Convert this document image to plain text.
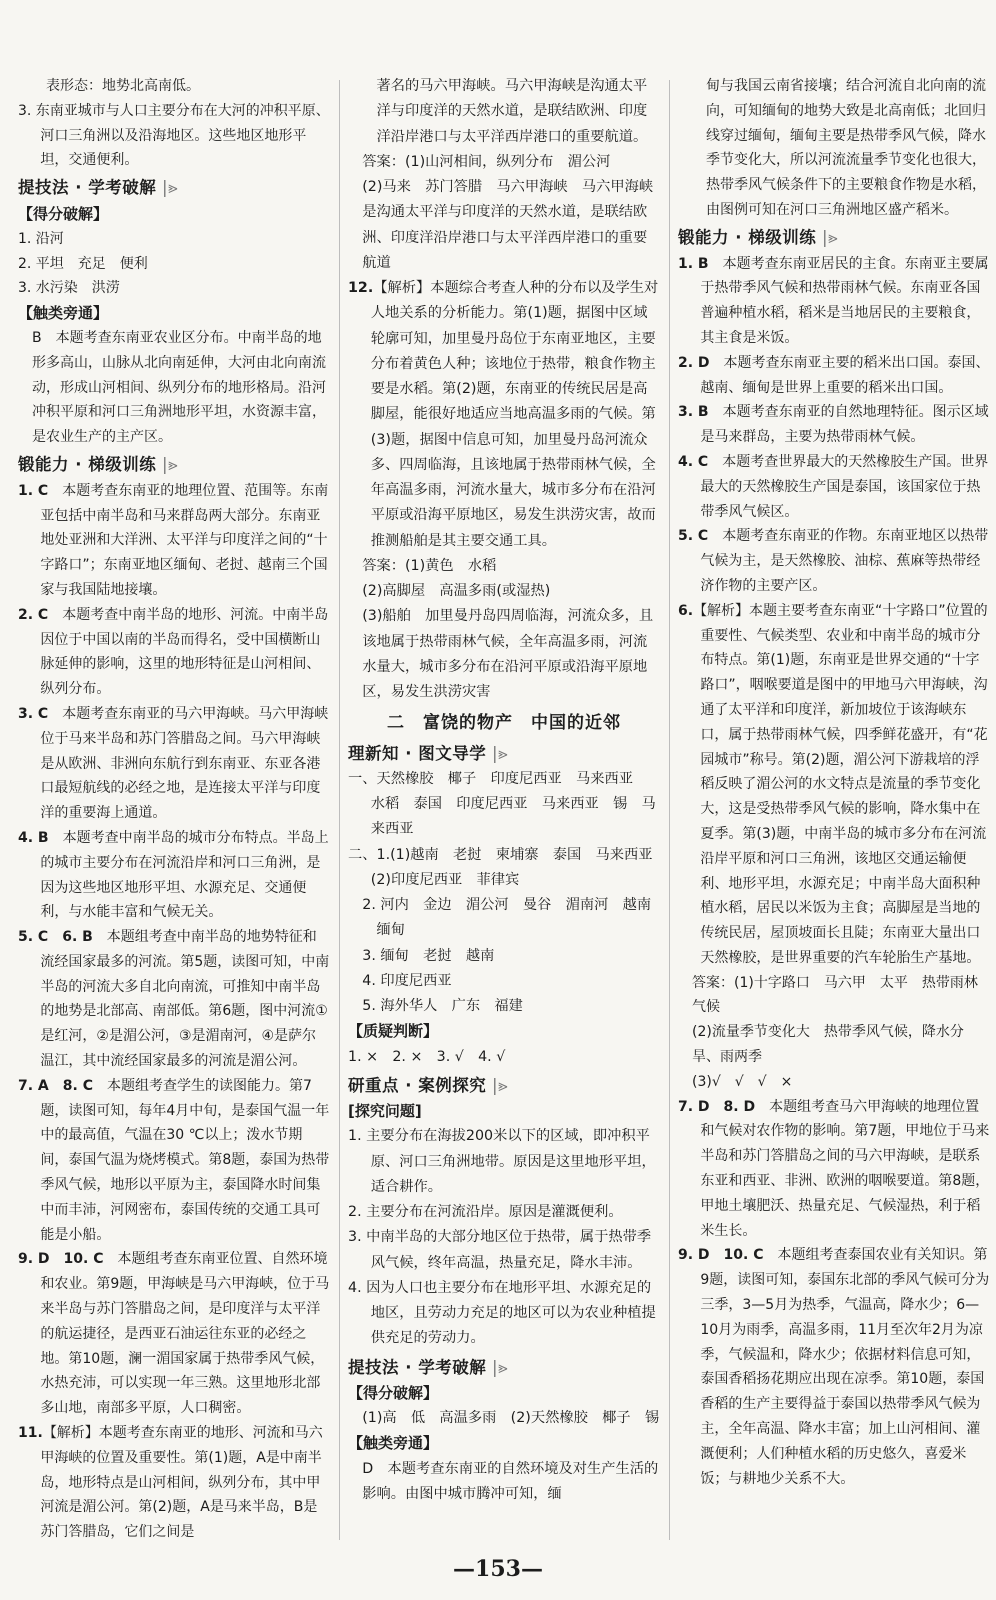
表形态：地势北高南低。

3. 东南亚城市与人口主要分布在大河的冲积平原、河口三角洲以及沿海地区。这些地区地形平坦，交通便利。

提技法 · 学考破解 |⪢

【得分破解】

1. 沿河

2. 平坦　充足　便利

3. 水污染　洪涝

【触类旁通】

B　本题考查东南亚农业区分布。中南半岛的地形多高山，山脉从北向南延伸，大河由北向南流动，形成山河相间、纵列分布的地形格局。沿河冲积平原和河口三角洲地形平坦，水资源丰富，是农业生产的主产区。

锻能力 · 梯级训练 |⪢

1. C　本题考查东南亚的地理位置、范围等。东南亚包括中南半岛和马来群岛两大部分。东南亚地处亚洲和大洋洲、太平洋与印度洋之间的“十字路口”；东南亚地区缅甸、老挝、越南三个国家与我国陆地接壤。

2. C　本题考查中南半岛的地形、河流。中南半岛因位于中国以南的半岛而得名，受中国横断山脉延伸的影响，这里的地形特征是山河相间、纵列分布。

3. C　本题考查东南亚的马六甲海峡。马六甲海峡位于马来半岛和苏门答腊岛之间。马六甲海峡是从欧洲、非洲向东航行到东南亚、东亚各港口最短航线的必经之地，是连接太平洋与印度洋的重要海上通道。

4. B　本题考查中南半岛的城市分布特点。半岛上的城市主要分布在河流沿岸和河口三角洲，是因为这些地区地形平坦、水源充足、交通便利，与水能丰富和气候无关。

5. C　6. B　本题组考查中南半岛的地势特征和流经国家最多的河流。第5题，读图可知，中南半岛的河流大多自北向南流，可推知中南半岛的地势是北部高、南部低。第6题，图中河流①是红河，②是湄公河，③是湄南河，④是萨尔温江，其中流经国家最多的河流是湄公河。

7. A　8. C　本题组考查学生的读图能力。第7题，读图可知，每年4月中旬，是泰国气温一年中的最高值，气温在30 ℃以上；泼水节期间，泰国气温为烧烤模式。第8题，泰国为热带季风气候，地形以平原为主，泰国降水时间集中而丰沛，河网密布，泰国传统的交通工具可能是小船。

9. D　10. C　本题组考查东南亚位置、自然环境和农业。第9题，甲海峡是马六甲海峡，位于马来半岛与苏门答腊岛之间，是印度洋与太平洋的航运捷径，是西亚石油运往东亚的必经之地。第10题，澜一湄国家属于热带季风气候，水热充沛，可以实现一年三熟。这里地形北部多山地，南部多平原，人口稠密。

11.【解析】本题考查东南亚的地形、河流和马六甲海峡的位置及重要性。第(1)题，A是中南半岛，地形特点是山河相间，纵列分布，其中甲河流是湄公河。第(2)题，A是马来半岛，B是苏门答腊岛，它们之间是

著名的马六甲海峡。马六甲海峡是沟通太平洋与印度洋的天然水道，是联结欧洲、印度洋沿岸港口与太平洋西岸港口的重要航道。

答案：(1)山河相间，纵列分布　湄公河

(2)马来　苏门答腊　马六甲海峡　马六甲海峡是沟通太平洋与印度洋的天然水道，是联结欧洲、印度洋沿岸港口与太平洋西岸港口的重要航道

12.【解析】本题综合考查人种的分布以及学生对人地关系的分析能力。第(1)题，据图中区域轮廓可知，加里曼丹岛位于东南亚地区，主要分布着黄色人种；该地位于热带，粮食作物主要是水稻。第(2)题，东南亚的传统民居是高脚屋，能很好地适应当地高温多雨的气候。第(3)题，据图中信息可知，加里曼丹岛河流众多、四周临海，且该地属于热带雨林气候，全年高温多雨，河流水量大，城市多分布在沿河平原或沿海平原地区，易发生洪涝灾害，故而推测船舶是其主要交通工具。

答案：(1)黄色　水稻

(2)高脚屋　高温多雨(或湿热)

(3)船舶　加里曼丹岛四周临海，河流众多，且该地属于热带雨林气候，全年高温多雨，河流水量大，城市多分布在沿河平原或沿海平原地区，易发生洪涝灾害

二　富饶的物产　中国的近邻

理新知 · 图文导学 |⪢

一、天然橡胶　椰子　印度尼西亚　马来西亚　水稻　泰国　印度尼西亚　马来西亚　锡　马来西亚

二、1.(1)越南　老挝　柬埔寨　泰国　马来西亚　(2)印度尼西亚　菲律宾

　2. 河内　金边　湄公河　曼谷　湄南河　越南

缅甸

3. 缅甸　老挝　越南

4. 印度尼西亚

5. 海外华人　广东　福建

【质疑判断】

1. ×　2. ×　3. √　4. √

研重点 · 案例探究 |⪢

[探究问题]

1. 主要分布在海拔200米以下的区域，即冲积平原、河口三角洲地带。原因是这里地形平坦，适合耕作。

2. 主要分布在河流沿岸。原因是灌溉便利。

3. 中南半岛的大部分地区位于热带，属于热带季风气候，终年高温，热量充足，降水丰沛。

4. 因为人口也主要分布在地形平坦、水源充足的地区，且劳动力充足的地区可以为农业种植提供充足的劳动力。

提技法 · 学考破解 |⪢

【得分破解】

(1)高　低　高温多雨　(2)天然橡胶　椰子　锡

【触类旁通】

D　本题考查东南亚的自然环境及对生产生活的影响。由图中城市腾冲可知，缅

甸与我国云南省接壤；结合河流自北向南的流向，可知缅甸的地势大致是北高南低；北回归线穿过缅甸，缅甸主要是热带季风气候，降水季节变化大，所以河流流量季节变化也很大，热带季风气候条件下的主要粮食作物是水稻，由图例可知在河口三角洲地区盛产稻米。

锻能力 · 梯级训练 |⪢

1. B　本题考查东南亚居民的主食。东南亚主要属于热带季风气候和热带雨林气候。东南亚各国普遍种植水稻，稻米是当地居民的主要粮食，其主食是米饭。

2. D　本题考查东南亚主要的稻米出口国。泰国、越南、缅甸是世界上重要的稻米出口国。

3. B　本题考查东南亚的自然地理特征。图示区域是马来群岛，主要为热带雨林气候。

4. C　本题考查世界最大的天然橡胶生产国。世界最大的天然橡胶生产国是泰国，该国家位于热带季风气候区。

5. C　本题考查东南亚的作物。东南亚地区以热带气候为主，是天然橡胶、油棕、蕉麻等热带经济作物的主要产区。

6.【解析】本题主要考查东南亚“十字路口”位置的重要性、气候类型、农业和中南半岛的城市分布特点。第(1)题，东南亚是世界交通的“十字路口”，咽喉要道是图中的甲地马六甲海峡，沟通了太平洋和印度洋，新加坡位于该海峡东口，属于热带雨林气候，四季鲜花盛开，有“花园城市”称号。第(2)题，湄公河下游栽培的浮稻反映了湄公河的水文特点是流量的季节变化大，这是受热带季风气候的影响，降水集中在夏季。第(3)题，中南半岛的城市多分布在河流沿岸平原和河口三角洲，该地区交通运输便利、地形平坦，水源充足；中南半岛大面积种植水稻，居民以米饭为主食；高脚屋是当地的传统民居，屋顶坡面长且陡；东南亚大量出口天然橡胶，是世界重要的汽车轮胎生产基地。

答案：(1)十字路口　马六甲　太平　热带雨林气候

(2)流量季节变化大　热带季风气候，降水分旱、雨两季

(3)√　√　√　×

7. D　8. D　本题组考查马六甲海峡的地理位置和气候对农作物的影响。第7题，甲地位于马来半岛和苏门答腊岛之间的马六甲海峡，是联系东亚和西亚、非洲、欧洲的咽喉要道。第8题，甲地土壤肥沃、热量充足、气候湿热，利于稻米生长。

9. D　10. C　本题组考查泰国农业有关知识。第9题，读图可知，泰国东北部的季风气候可分为三季，3—5月为热季，气温高，降水少；6—10月为雨季，高温多雨，11月至次年2月为凉季，气候温和，降水少；依据材料信息可知，泰国香稻扬花期应出现在凉季。第10题，泰国香稻的生产主要得益于泰国以热带季风气候为主，全年高温、降水丰富；加上山河相间、灌溉便利；人们种植水稻的历史悠久，喜爱米饭；与耕地少关系不大。

—153—
